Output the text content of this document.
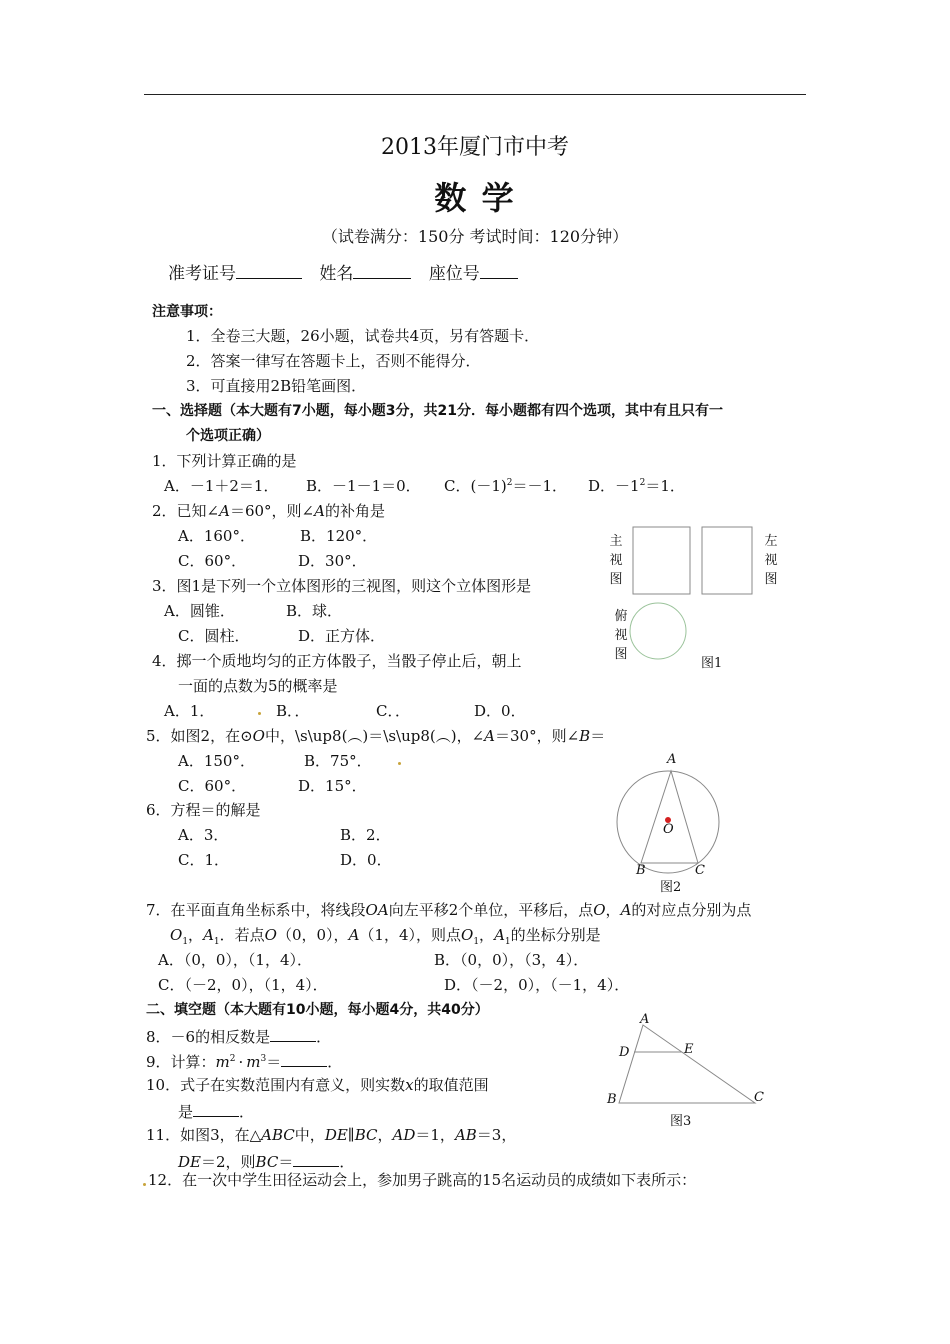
2013年厦门市中考
数 学
（试卷满分：150分 考试时间：120分钟）
准考证号	姓名	座位号
注意事项：
1．全卷三大题，26小题，试卷共4页，另有答题卡．
2．答案一律写在答题卡上，否则不能得分．
3．可直接用2B铅笔画图．
一、选择题（本大题有7小题，每小题3分，共21分．每小题都有四个选项，其中有且只有一
个选项正确）
1．下列计算正确的是
A．－1＋2＝1． B．－1－1＝0． C．$(-1)^2=-1$． D．$-1^2=1$．
2．已知∠A＝60°，则∠A的补角是
A．160°．	B．120°．
C．60°．	D．30°．
3．图1是下列一个立体图形的三视图，则这个立体图形是
A．圆锥．	B．球．
C．圆柱．	D．正方体．
4．掷一个质地均匀的正方体骰子，当骰子停止后，朝上
一面的点数为5的概率是
A．1．	B．．	C．．	D．0．
5．如图2，在⊙O中，\s\up8(︵)＝\s\up8(︵)，∠A＝30°，则∠B＝
A．150°．	B．75°．
C．60°．	D．15°．
6．方程＝的解是
A．3．	B．2．
C．1．	D．0．
7．在平面直角坐标系中，将线段OA向左平移2个单位，平移后，点O，A的对应点分别为点
$O_1$，$A_1$．若点O（0，0），A（1，4），则点$O_1$，$A_1$的坐标分别是
A．（0，0），（1，4）．	B．（0，0），（3，4）．
C．（－2，0），（1，4）．	D．（－2，0），（－1，4）．
二、填空题（本大题有10小题，每小题4分，共40分）
8．－6的相反数是	．
9．计算：$m^2 \cdot m^3=$	．
10．式子在实数范围内有意义，则实数x的取值范围
是	．
11．如图3，在△ABC中，DE∥BC，AD＝1，AB＝3，
DE＝2，则BC＝	．
12．在一次中学生田径运动会上，参加男子跳高的15名运动员的成绩如下表所示：
主
视
图
左
视
图
俯
视
图
图1
A
O
B	C
图2
A
D	E
B	C
图3
